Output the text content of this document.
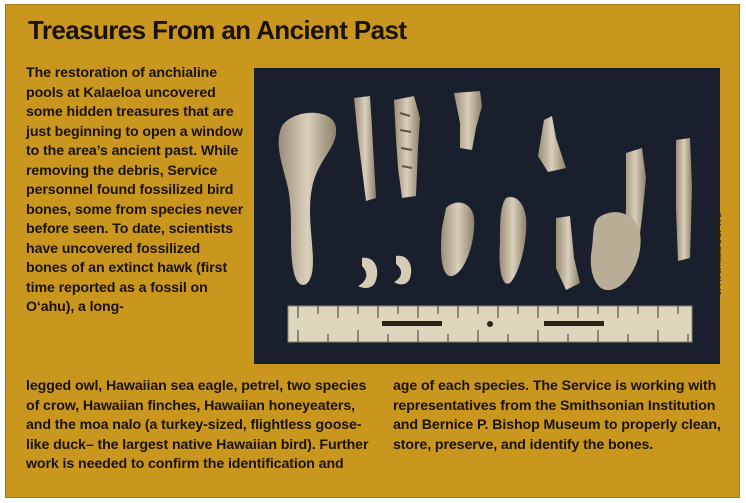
Treasures From an Ancient Past
The restoration of anchialine pools at Kalaeloa uncovered some hidden treasures that are just beginning to open a window to the area’s ancient past. While removing the debris, Service personnel found fossilized bird bones, some from species never before seen. To date, scientists have uncovered fossilized bones of an extinct hawk (first time reported as a fossil on O‘ahu), a long-
J. Hiromasa/USFWS
legged owl, Hawaiian sea eagle, petrel, two species of crow, Hawaiian finches, Hawaiian honeyeaters, and the moa nalo (a turkey-sized, flightless goose-like duck– the largest native Hawaiian bird). Further work is needed to confirm the identification and
age of each species. The Service is working with representatives from the Smithsonian Institution and Bernice P. Bishop Museum to properly clean, store, preserve, and identify the bones.
